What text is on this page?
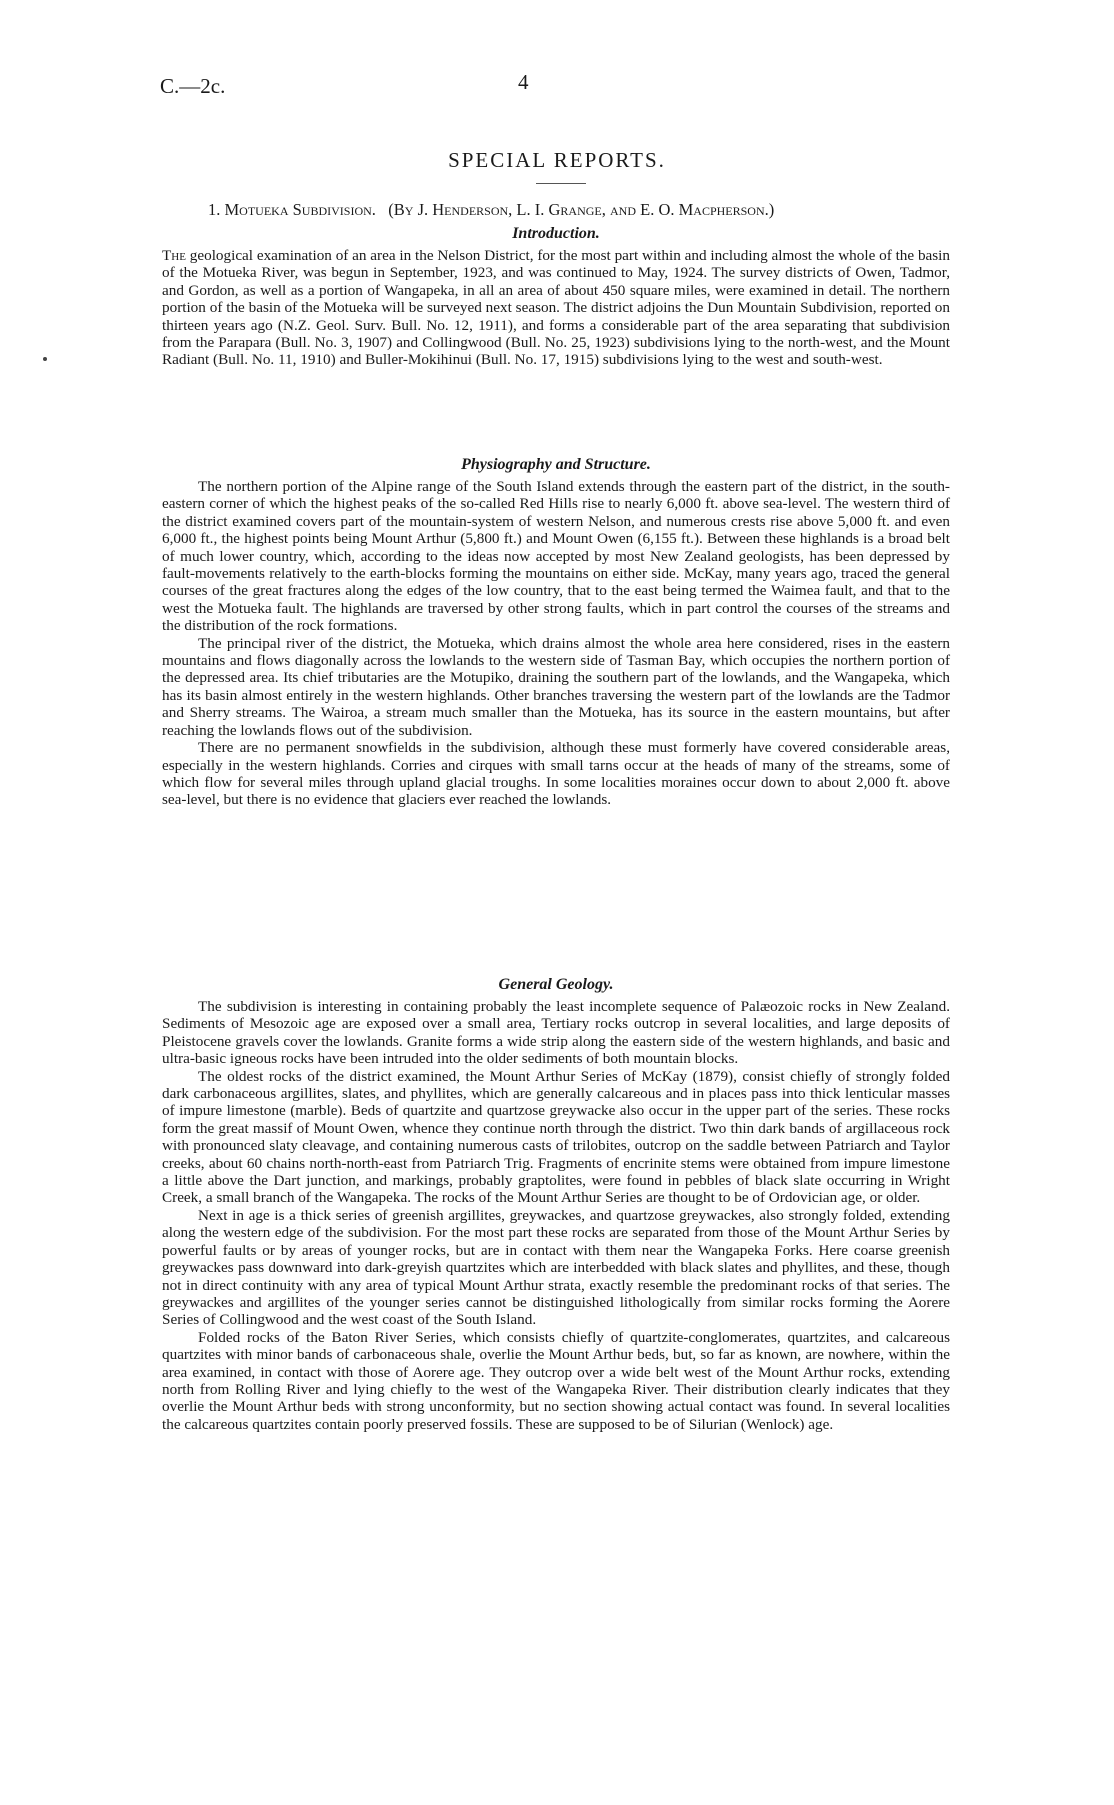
C.—2c.	4
SPECIAL REPORTS.
1. Motueka Subdivision. (By J. Henderson, L. I. Grange, and E. O. Macpherson.)
Introduction.

The geological examination of an area in the Nelson District, for the most part within and including almost the whole of the basin of the Motueka River, was begun in September, 1923, and was continued to May, 1924. The survey districts of Owen, Tadmor, and Gordon, as well as a portion of Wangapeka, in all an area of about 450 square miles, were examined in detail. The northern portion of the basin of the Motueka will be surveyed next season. The district adjoins the Dun Mountain Subdivision, reported on thirteen years ago (N.Z. Geol. Surv. Bull. No. 12, 1911), and forms a considerable part of the area separating that subdivision from the Parapara (Bull. No. 3, 1907) and Collingwood (Bull. No. 25, 1923) subdivisions lying to the north-west, and the Mount Radiant (Bull. No. 11, 1910) and Buller-Mokihinui (Bull. No. 17, 1915) subdivisions lying to the west and south-west.

Physiography and Structure.

The northern portion of the Alpine range of the South Island extends through the eastern part of the district, in the south-eastern corner of which the highest peaks of the so-called Red Hills rise to nearly 6,000 ft. above sea-level. The western third of the district examined covers part of the mountain-system of western Nelson, and numerous crests rise above 5,000 ft. and even 6,000 ft., the highest points being Mount Arthur (5,800 ft.) and Mount Owen (6,155 ft.). Between these highlands is a broad belt of much lower country, which, according to the ideas now accepted by most New Zealand geologists, has been depressed by fault-movements relatively to the earth-blocks forming the mountains on either side. McKay, many years ago, traced the general courses of the great fractures along the edges of the low country, that to the east being termed the Waimea fault, and that to the west the Motueka fault. The highlands are traversed by other strong faults, which in part control the courses of the streams and the distribution of the rock formations.

The principal river of the district, the Motueka, which drains almost the whole area here considered, rises in the eastern mountains and flows diagonally across the lowlands to the western side of Tasman Bay, which occupies the northern portion of the depressed area. Its chief tributaries are the Motupiko, draining the southern part of the lowlands, and the Wangapeka, which has its basin almost entirely in the western highlands. Other branches traversing the western part of the lowlands are the Tadmor and Sherry streams. The Wairoa, a stream much smaller than the Motueka, has its source in the eastern mountains, but after reaching the lowlands flows out of the subdivision.

There are no permanent snowfields in the subdivision, although these must formerly have covered considerable areas, especially in the western highlands. Corries and cirques with small tarns occur at the heads of many of the streams, some of which flow for several miles through upland glacial troughs. In some localities moraines occur down to about 2,000 ft. above sea-level, but there is no evidence that glaciers ever reached the lowlands.

General Geology.

The subdivision is interesting in containing probably the least incomplete sequence of Palæozoic rocks in New Zealand. Sediments of Mesozoic age are exposed over a small area, Tertiary rocks outcrop in several localities, and large deposits of Pleistocene gravels cover the lowlands. Granite forms a wide strip along the eastern side of the western highlands, and basic and ultra-basic igneous rocks have been intruded into the older sediments of both mountain blocks.

The oldest rocks of the district examined, the Mount Arthur Series of McKay (1879), consist chiefly of strongly folded dark carbonaceous argillites, slates, and phyllites, which are generally calcareous and in places pass into thick lenticular masses of impure limestone (marble). Beds of quartzite and quartzose greywacke also occur in the upper part of the series. These rocks form the great massif of Mount Owen, whence they continue north through the district. Two thin dark bands of argillaceous rock with pronounced slaty cleavage, and containing numerous casts of trilobites, outcrop on the saddle between Patriarch and Taylor creeks, about 60 chains north-north-east from Patriarch Trig. Fragments of encrinite stems were obtained from impure limestone a little above the Dart junction, and markings, probably graptolites, were found in pebbles of black slate occurring in Wright Creek, a small branch of the Wangapeka. The rocks of the Mount Arthur Series are thought to be of Ordovician age, or older.

Next in age is a thick series of greenish argillites, greywackes, and quartzose greywackes, also strongly folded, extending along the western edge of the subdivision. For the most part these rocks are separated from those of the Mount Arthur Series by powerful faults or by areas of younger rocks, but are in contact with them near the Wangapeka Forks. Here coarse greenish greywackes pass downward into dark-greyish quartzites which are interbedded with black slates and phyllites, and these, though not in direct continuity with any area of typical Mount Arthur strata, exactly resemble the predominant rocks of that series. The greywackes and argillites of the younger series cannot be distinguished lithologically from similar rocks forming the Aorere Series of Collingwood and the west coast of the South Island.

Folded rocks of the Baton River Series, which consists chiefly of quartzite-conglomerates, quartzites, and calcareous quartzites with minor bands of carbonaceous shale, overlie the Mount Arthur beds, but, so far as known, are nowhere, within the area examined, in contact with those of Aorere age. They outcrop over a wide belt west of the Mount Arthur rocks, extending north from Rolling River and lying chiefly to the west of the Wangapeka River. Their distribution clearly indicates that they overlie the Mount Arthur beds with strong unconformity, but no section showing actual contact was found. In several localities the calcareous quartzites contain poorly preserved fossils. These are supposed to be of Silurian (Wenlock) age.
